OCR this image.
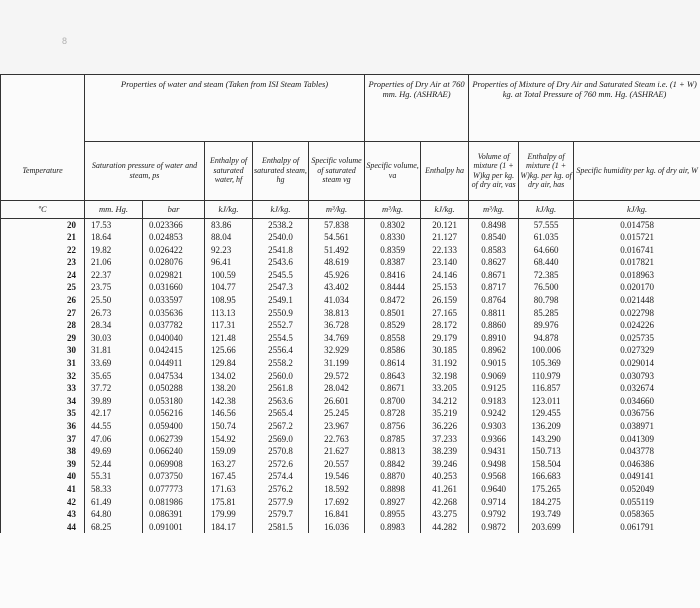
8
	Properties of water and steam (Taken from ISI Steam Tables)					Properties of Dry Air at 760 mm. Hg. (ASHRAE)		Properties of Mixture of Dry Air and Saturated Steam i.e. (1 + W) kg. at Total Pressure of 760 mm. Hg. (ASHRAE)		
Temperature	Saturation pressure of water and steam, ps		Enthalpy of saturated water, hf	Enthalpy of saturated steam, hg	Specific volume of saturated steam vg	Specific volume, va	Enthalpy ha	Volume of mixture (1 + W)kg per kg. of dry air, vas	Enthalpy of mixture (1 + W)kg. per kg. of dry air, has	Specific humidity per kg. of dry air, W
ºC	mm. Hg.	bar	kJ/kg.	kJ/kg.	m³/kg.	m³/kg.	kJ/kg.	m³/kg.	kJ/kg.	kJ/kg.
20	17.53	0.023366	83.86	2538.2	57.838	0.8302	20.121	0.8498	57.555	0.014758
21	18.64	0.024853	88.04	2540.0	54.561	0.8330	21.127	0.8540	61.035	0.015721
22	19.82	0.026422	92.23	2541.8	51.492	0.8359	22.133	0.8583	64.660	0.016741
23	21.06	0.028076	96.41	2543.6	48.619	0.8387	23.140	0.8627	68.440	0.017821
24	22.37	0.029821	100.59	2545.5	45.926	0.8416	24.146	0.8671	72.385	0.018963
25	23.75	0.031660	104.77	2547.3	43.402	0.8444	25.153	0.8717	76.500	0.020170
26	25.50	0.033597	108.95	2549.1	41.034	0.8472	26.159	0.8764	80.798	0.021448
27	26.73	0.035636	113.13	2550.9	38.813	0.8501	27.165	0.8811	85.285	0.022798
28	28.34	0.037782	117.31	2552.7	36.728	0.8529	28.172	0.8860	89.976	0.024226
29	30.03	0.040040	121.48	2554.5	34.769	0.8558	29.179	0.8910	94.878	0.025735
30	31.81	0.042415	125.66	2556.4	32.929	0.8586	30.185	0.8962	100.006	0.027329
31	33.69	0.044911	129.84	2558.2	31.199	0.8614	31.192	0.9015	105.369	0.029014
32	35.65	0.047534	134.02	2560.0	29.572	0.8643	32.198	0.9069	110.979	0.030793
33	37.72	0.050288	138.20	2561.8	28.042	0.8671	33.205	0.9125	116.857	0.032674
34	39.89	0.053180	142.38	2563.6	26.601	0.8700	34.212	0.9183	123.011	0.034660
35	42.17	0.056216	146.56	2565.4	25.245	0.8728	35.219	0.9242	129.455	0.036756
36	44.55	0.059400	150.74	2567.2	23.967	0.8756	36.226	0.9303	136.209	0.038971
37	47.06	0.062739	154.92	2569.0	22.763	0.8785	37.233	0.9366	143.290	0.041309
38	49.69	0.066240	159.09	2570.8	21.627	0.8813	38.239	0.9431	150.713	0.043778
39	52.44	0.069908	163.27	2572.6	20.557	0.8842	39.246	0.9498	158.504	0.046386
40	55.31	0.073750	167.45	2574.4	19.546	0.8870	40.253	0.9568	166.683	0.049141
41	58.33	0.077773	171.63	2576.2	18.592	0.8898	41.261	0.9640	175.265	0.052049
42	61.49	0.081986	175.81	2577.9	17.692	0.8927	42.268	0.9714	184.275	0.055119
43	64.80	0.086391	179.99	2579.7	16.841	0.8955	43.275	0.9792	193.749	0.058365
44	68.25	0.091001	184.17	2581.5	16.036	0.8983	44.282	0.9872	203.699	0.061791
